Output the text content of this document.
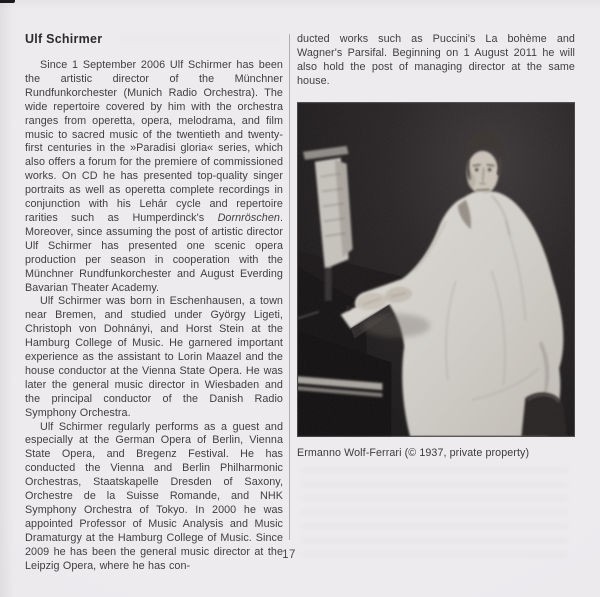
Ulf Schirmer

Since 1 September 2006 Ulf Schirmer has been the artistic director of the Münchner Rundfunkorchester (Munich Radio Orchestra). The wide repertoire covered by him with the orchestra ranges from operetta, opera, melodrama, and film music to sacred music of the twentieth and twenty-first centuries in the »Paradisi gloria« series, which also offers a forum for the premiere of commissioned works. On CD he has presented top-quality singer portraits as well as operetta complete recordings in conjunction with his Lehár cycle and repertoire rarities such as Humperdinck's Dornröschen. Moreover, since assuming the post of artistic director Ulf Schirmer has presented one scenic opera production per season in cooperation with the Münchner Rundfunkorchester and August Everding Bavarian Theater Academy.

Ulf Schirmer was born in Eschenhausen, a town near Bremen, and studied under György Ligeti, Christoph von Dohnányi, and Horst Stein at the Hamburg College of Music. He garnered important experience as the assistant to Lorin Maazel and the house conductor at the Vienna State Opera. He was later the general music director in Wiesbaden and the principal conductor of the Danish Radio Symphony Orchestra.

Ulf Schirmer regularly performs as a guest and especially at the German Opera of Berlin, Vienna State Opera, and Bregenz Festival. He has conducted the Vienna and Berlin Philharmonic Orchestras, Staatskapelle Dresden of Saxony, Orchestre de la Suisse Romande, and NHK Symphony Orchestra of Tokyo. In 2000 he was appointed Professor of Music Analysis and Music Dramaturgy at the Hamburg College of Music. Since 2009 he has been the general music director at the Leipzig Opera, where he has con-

ducted works such as Puccini's La bohème and Wagner's Parsifal. Beginning on 1 August 2011 he will also hold the post of managing director at the same house.

Ermanno Wolf-Ferrari (© 1937, private property)
17
